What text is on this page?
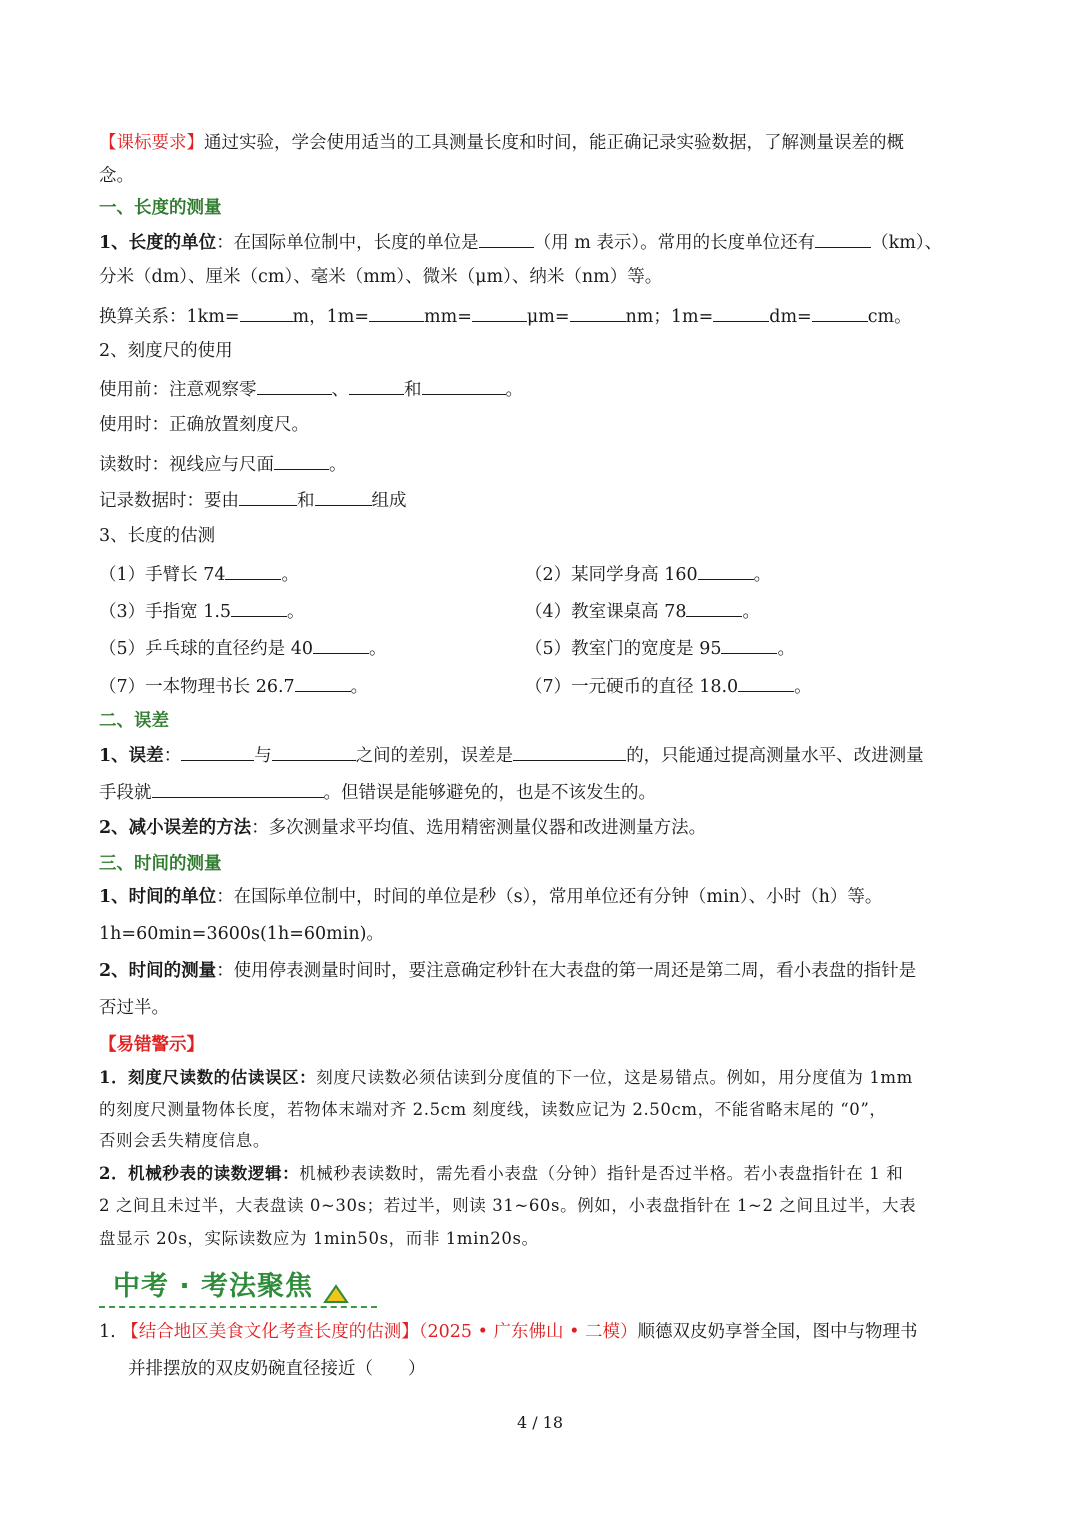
【课标要求】通过实验，学会使用适当的工具测量长度和时间，能正确记录实验数据，了解测量误差的概
念。
一、长度的测量
1、长度的单位：在国际单位制中，长度的单位是	（用 m 表示）。常用的长度单位还有	（km）、
分米（dm）、厘米（cm）、毫米（mm）、微米（μm）、纳米（nm）等。
换算关系：1km=	m，1m=	mm=	μm=	nm；1m=	dm=	cm。
2、刻度尺的使用
使用前：注意观察零	、	和	。
使用时：正确放置刻度尺。
读数时：视线应与尺面	。
记录数据时：要由	和	组成
3、长度的估测
（1）手臂长 74	。	（2）某同学身高 160	。
（3）手指宽 1.5	。	（4）教室课桌高 78	。
（5）乒乓球的直径约是 40	。	（5）教室门的宽度是 95	。
（7）一本物理书长 26.7	。	（7）一元硬币的直径 18.0	。
二、误差
1、误差：	与	之间的差别，误差是	的，只能通过提高测量水平、改进测量
手段就	。但错误是能够避免的，也是不该发生的。
2、减小误差的方法：多次测量求平均值、选用精密测量仪器和改进测量方法。
三、时间的测量
1、时间的单位：在国际单位制中，时间的单位是秒（s），常用单位还有分钟（min）、小时（h）等。
1h=60min=3600s(1h=60min)。
2、时间的测量：使用停表测量时间时，要注意确定秒针在大表盘的第一周还是第二周，看小表盘的指针是
否过半。
【易错警示】
1．刻度尺读数的估读误区：刻度尺读数必须估读到分度值的下一位，这是易错点。例如，用分度值为 1mm
的刻度尺测量物体长度，若物体末端对齐 2.5cm 刻度线，读数应记为 2.50cm，不能省略末尾的 “0”，
否则会丢失精度信息。
2．机械秒表的读数逻辑：机械秒表读数时，需先看小表盘（分钟）指针是否过半格。若小表盘指针在 1 和
2 之间且未过半，大表盘读 0~30s；若过半，则读 31~60s。例如，小表盘指针在 1~2 之间且过半，大表
盘显示 20s，实际读数应为 1min50s，而非 1min20s。
中考 · 考法聚焦
1. 【结合地区美食文化考查长度的估测】（2025 • 广东佛山 • 二模）顺德双皮奶享誉全国，图中与物理书
并排摆放的双皮奶碗直径接近（　　）
4 / 18
